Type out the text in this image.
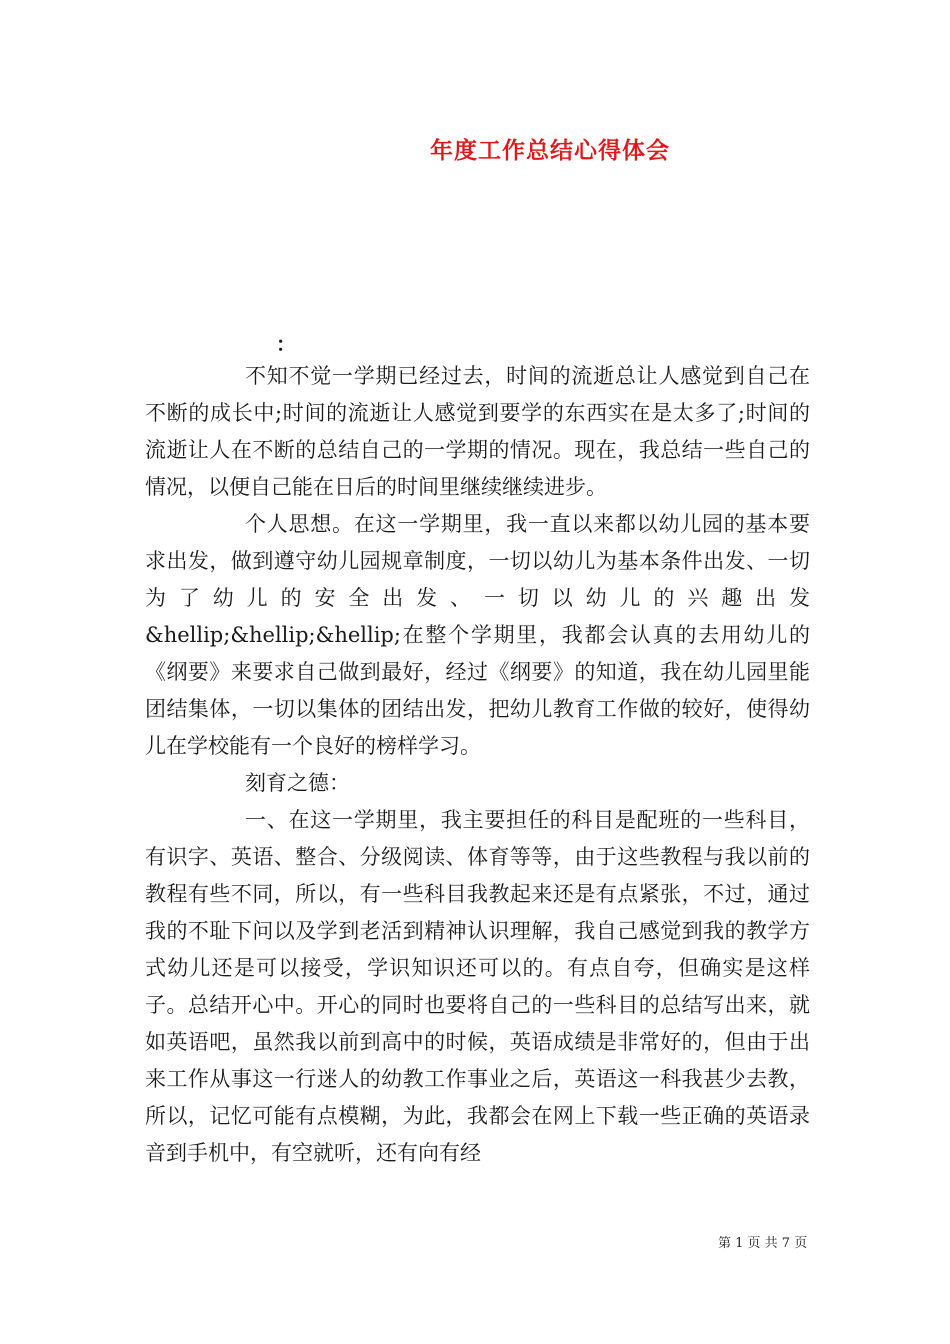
年度工作总结心得体会
：

不知不觉一学期已经过去，时间的流逝总让人感觉到自己在不断的成长中;时间的流逝让人感觉到要学的东西实在是太多了;时间的流逝让人在不断的总结自己的一学期的情况。现在，我总结一些自己的情况，以便自己能在日后的时间里继续继续进步。

个人思想。在这一学期里，我一直以来都以幼儿园的基本要求出发，做到遵守幼儿园规章制度，一切以幼儿为基本条件出发、一切为了幼儿的安全出发、一切以幼儿的兴趣出发&hellip;&hellip;&hellip;在整个学期里，我都会认真的去用幼儿的《纲要》来要求自己做到最好，经过《纲要》的知道，我在幼儿园里能团结集体，一切以集体的团结出发，把幼儿教育工作做的较好，使得幼儿在学校能有一个良好的榜样学习。

刻育之德：

一、在这一学期里，我主要担任的科目是配班的一些科目，有识字、英语、整合、分级阅读、体育等等，由于这些教程与我以前的教程有些不同，所以，有一些科目我教起来还是有点紧张，不过，通过我的不耻下问以及学到老活到精神认识理解，我自己感觉到我的教学方式幼儿还是可以接受，学识知识还可以的。有点自夸，但确实是这样子。总结开心中。开心的同时也要将自己的一些科目的总结写出来，就如英语吧，虽然我以前到高中的时候，英语成绩是非常好的，但由于出来工作从事这一行迷人的幼教工作事业之后，英语这一科我甚少去教，所以，记忆可能有点模糊，为此，我都会在网上下载一些正确的英语录音到手机中，有空就听，还有向有经

第 1 页 共 7 页
